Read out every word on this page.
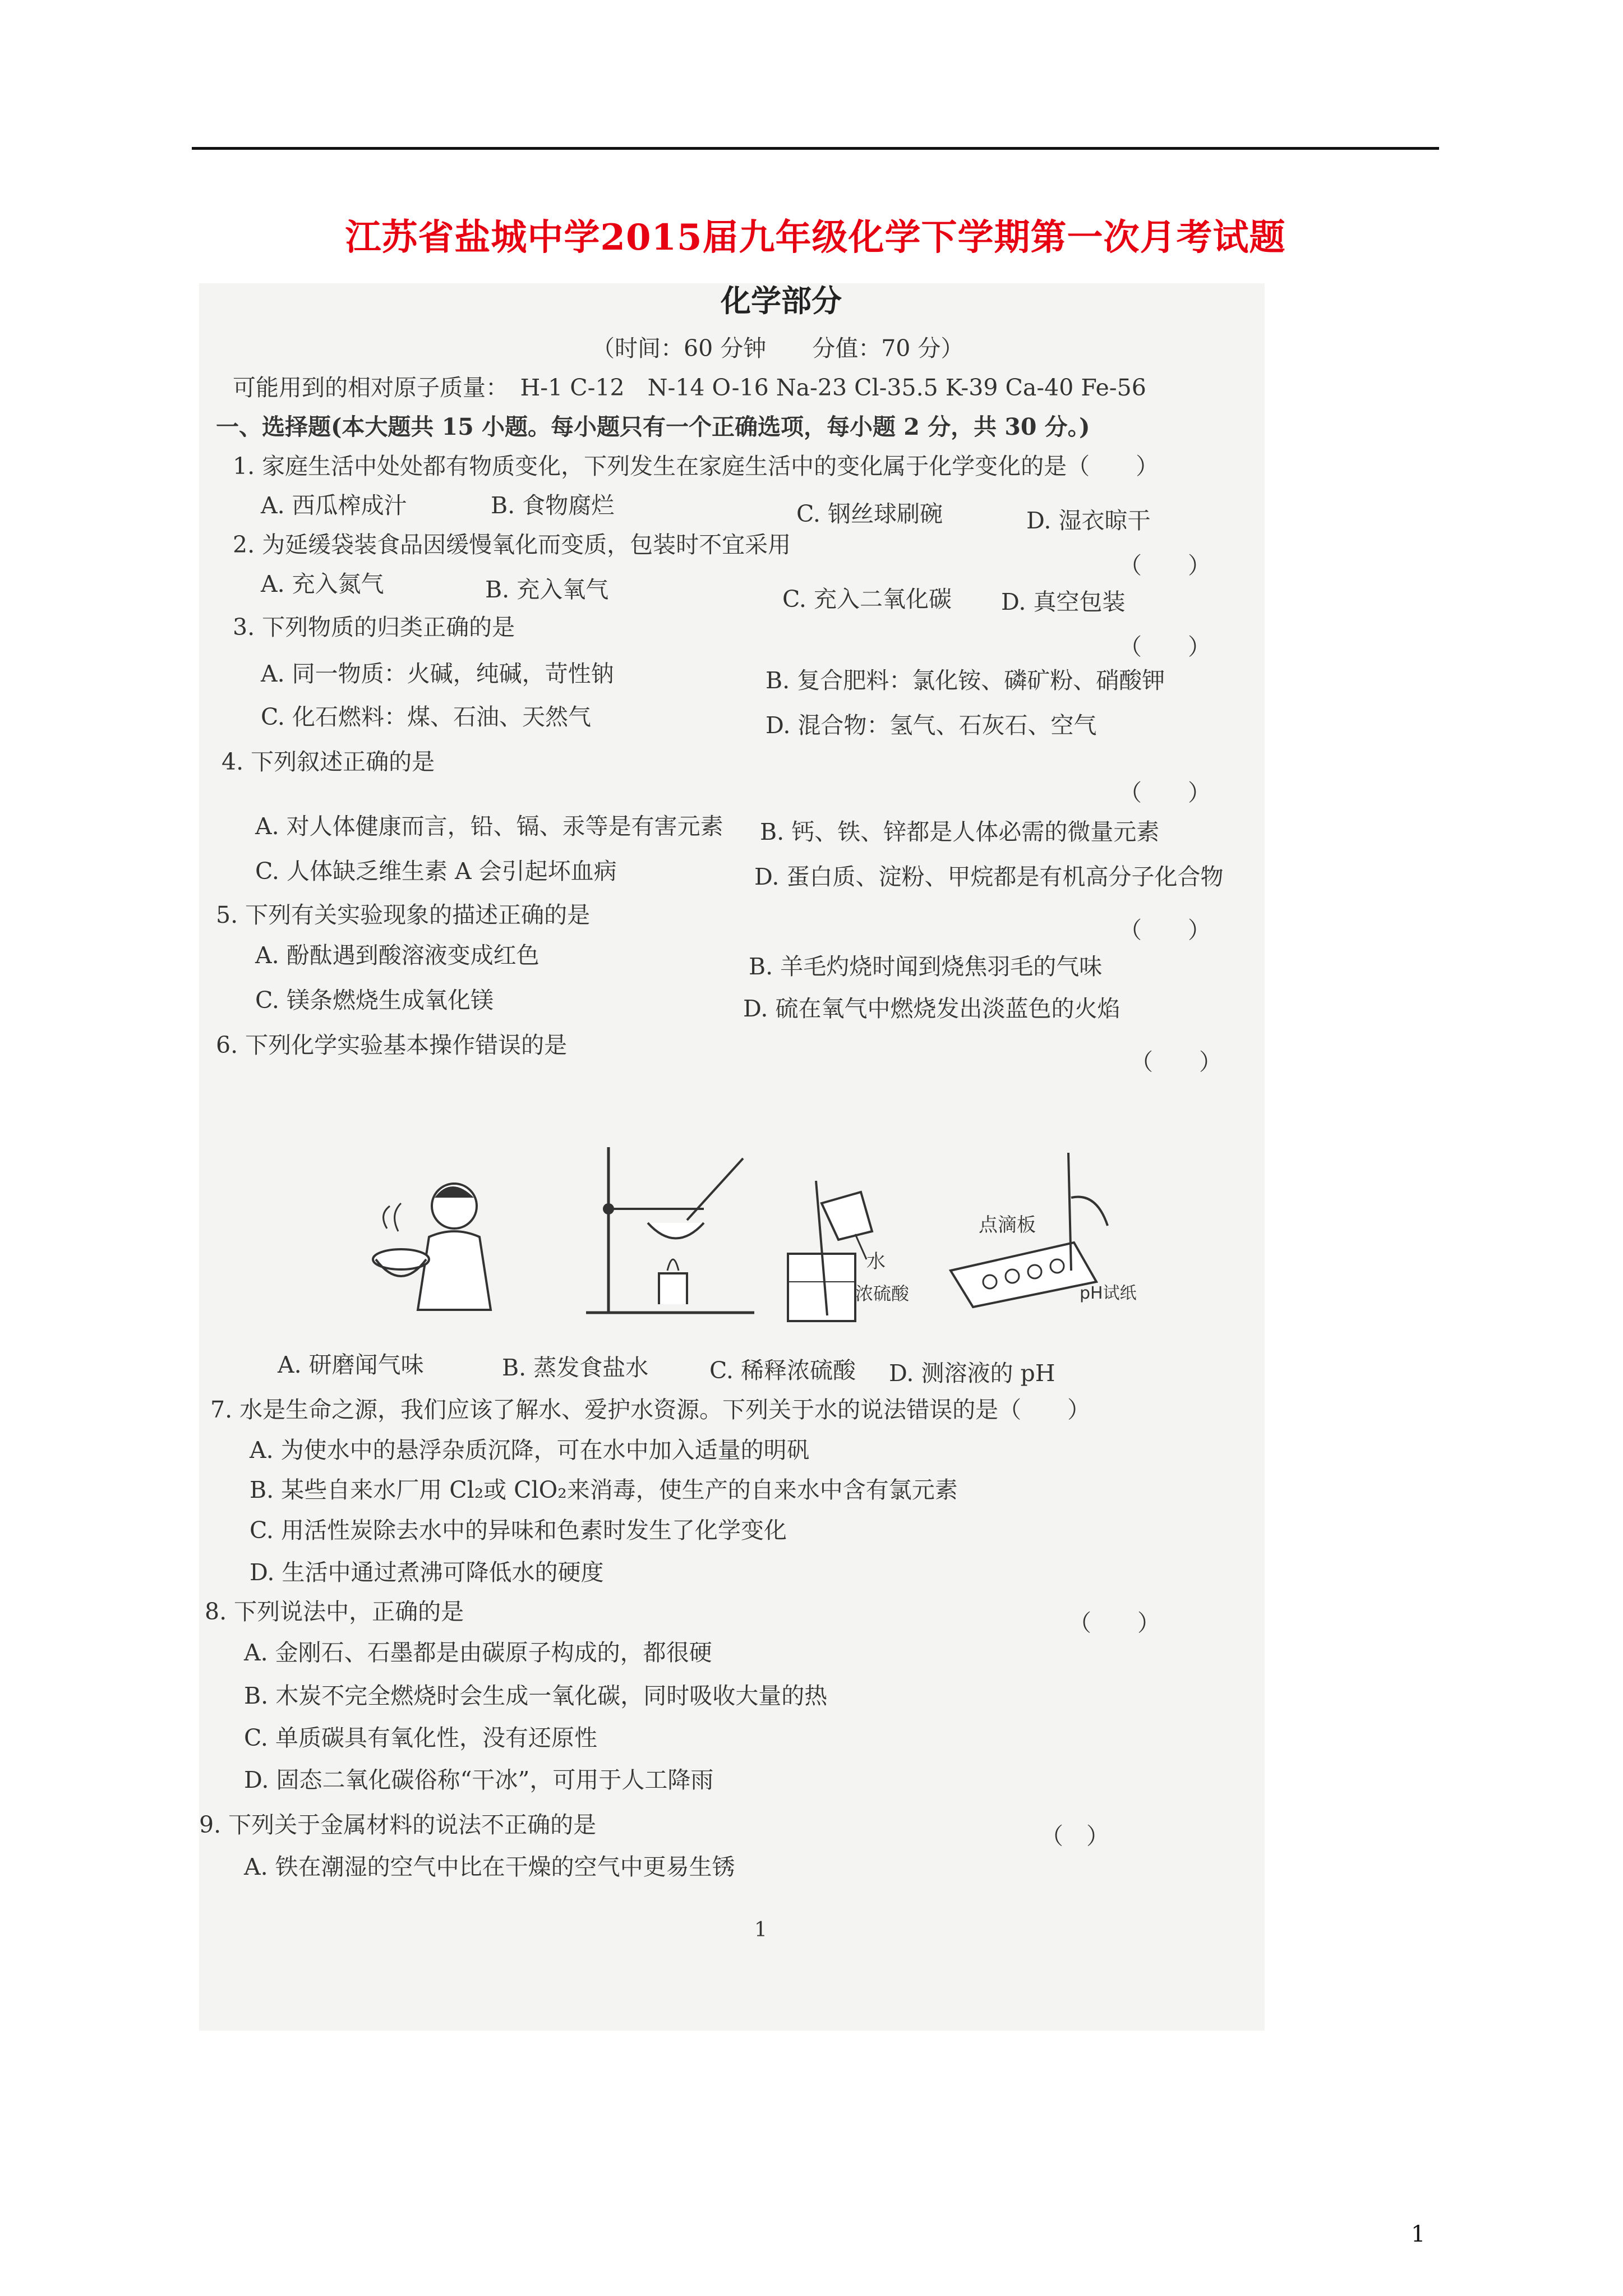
江苏省盐城中学2015届九年级化学下学期第一次月考试题
化学部分
（时间：60 分钟　　分值：70 分）
可能用到的相对原子质量：　H-1 C-12　N-14 O-16 Na-23 Cl-35.5 K-39 Ca-40 Fe-56
一、选择题(本大题共 15 小题。每小题只有一个正确选项，每小题 2 分，共 30 分。)
1. 家庭生活中处处都有物质变化，下列发生在家庭生活中的变化属于化学变化的是（　　）
A. 西瓜榨成汁	B. 食物腐烂	C. 钢丝球刷碗	D. 湿衣晾干
2. 为延缓袋装食品因缓慢氧化而变质，包装时不宜采用
（　　）
A. 充入氮气	B. 充入氧气	C. 充入二氧化碳 D. 真空包装
3. 下列物质的归类正确的是
（　　）
A. 同一物质：火碱，纯碱，苛性钠	B. 复合肥料：氯化铵、磷矿粉、硝酸钾
C. 化石燃料：煤、石油、天然气	D. 混合物：氢气、石灰石、空气
4. 下列叙述正确的是
（　　）
A. 对人体健康而言，铅、镉、汞等是有害元素 B. 钙、铁、锌都是人体必需的微量元素
C. 人体缺乏维生素 A 会引起坏血病	D. 蛋白质、淀粉、甲烷都是有机高分子化合物
5. 下列有关实验现象的描述正确的是
（　　）
A. 酚酞遇到酸溶液变成红色	B. 羊毛灼烧时闻到烧焦羽毛的气味
C. 镁条燃烧生成氧化镁	D. 硫在氧气中燃烧发出淡蓝色的火焰
6. 下列化学实验基本操作错误的是
（　　）
水
浓硫酸
点滴板
pH试纸
A. 研磨闻气味	B. 蒸发食盐水	C. 稀释浓硫酸 D. 测溶液的 pH
7. 水是生命之源，我们应该了解水、爱护水资源。下列关于水的说法错误的是（　　）
A. 为使水中的悬浮杂质沉降，可在水中加入适量的明矾
B. 某些自来水厂用 Cl₂或 ClO₂来消毒，使生产的自来水中含有氯元素
C. 用活性炭除去水中的异味和色素时发生了化学变化
D. 生活中通过煮沸可降低水的硬度
8. 下列说法中，正确的是	（　　）
A. 金刚石、石墨都是由碳原子构成的，都很硬
B. 木炭不完全燃烧时会生成一氧化碳，同时吸收大量的热
C. 单质碳具有氧化性，没有还原性
D. 固态二氧化碳俗称“干冰”，可用于人工降雨
9. 下列关于金属材料的说法不正确的是	（　）
A. 铁在潮湿的空气中比在干燥的空气中更易生锈
1
1
